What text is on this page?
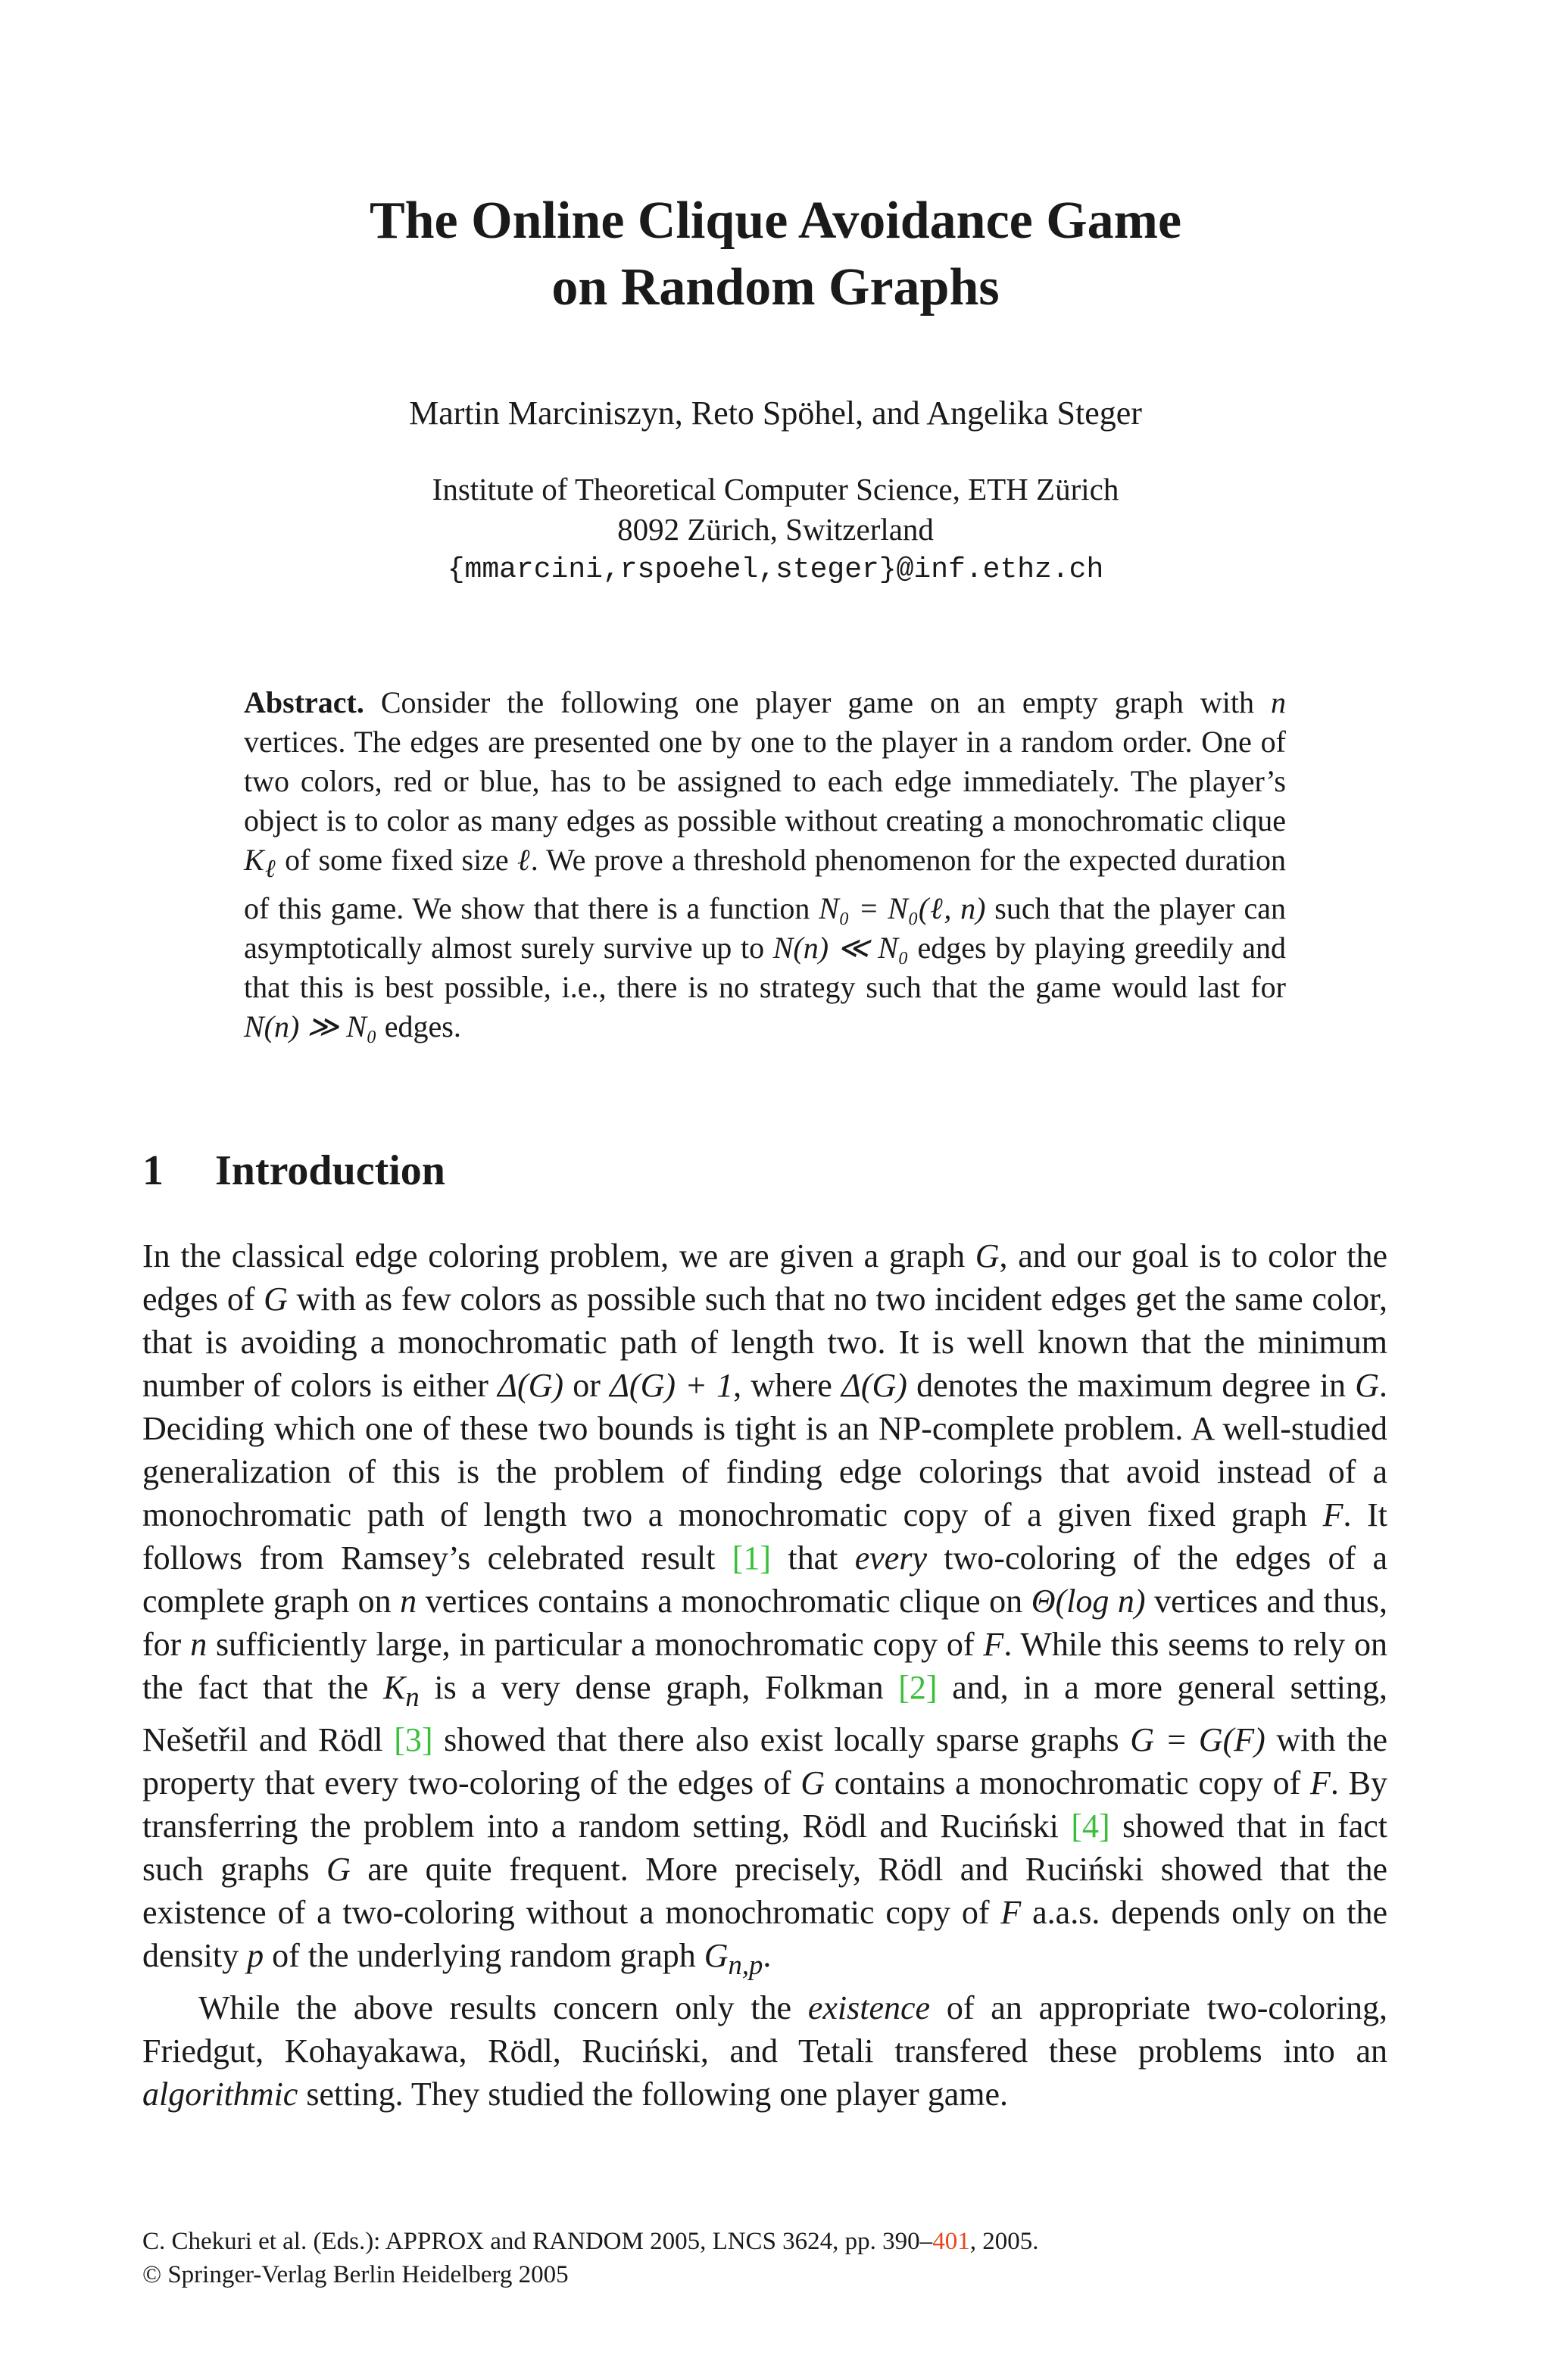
The Online Clique Avoidance Game
on Random Graphs
Martin Marciniszyn, Reto Spöhel, and Angelika Steger
Institute of Theoretical Computer Science, ETH Zürich
8092 Zürich, Switzerland
{mmarcini,rspoehel,steger}@inf.ethz.ch
Abstract. Consider the following one player game on an empty graph with n vertices. The edges are presented one by one to the player in a random order. One of two colors, red or blue, has to be assigned to each edge immediately. The player’s object is to color as many edges as possible without creating a monochromatic clique $K_\ell$ of some fixed size ℓ. We prove a threshold phenomenon for the expected duration of this game. We show that there is a function N₀ = N₀(ℓ, n) such that the player can asymptotically almost surely survive up to N(n) ≪ N₀ edges by playing greedily and that this is best possible, i.e., there is no strategy such that the game would last for N(n) ≫ N₀ edges.
1 Introduction

In the classical edge coloring problem, we are given a graph G, and our goal is to color the edges of G with as few colors as possible such that no two incident edges get the same color, that is avoiding a monochromatic path of length two. It is well known that the minimum number of colors is either Δ(G) or Δ(G) + 1, where Δ(G) denotes the maximum degree in G. Deciding which one of these two bounds is tight is an NP-complete problem. A well-studied generalization of this is the problem of finding edge colorings that avoid instead of a monochromatic path of length two a monochromatic copy of a given fixed graph F. It follows from Ramsey’s celebrated result [1] that every two-coloring of the edges of a complete graph on n vertices contains a monochromatic clique on Θ(log n) vertices and thus, for n sufficiently large, in particular a monochromatic copy of F. While this seems to rely on the fact that the $K_n$ is a very dense graph, Folkman [2] and, in a more general setting, Nešetřil and Rödl [3] showed that there also exist locally sparse graphs G = G(F) with the property that every two-coloring of the edges of G contains a monochromatic copy of F. By transferring the problem into a random setting, Rödl and Ruciński [4] showed that in fact such graphs G are quite frequent. More precisely, Rödl and Ruciński showed that the existence of a two-coloring without a monochromatic copy of F a.a.s. depends only on the density p of the underlying random graph $G_{n,p}$.

While the above results concern only the existence of an appropriate two-coloring, Friedgut, Kohayakawa, Rödl, Ruciński, and Tetali transfered these problems into an algorithmic setting. They studied the following one player game.

C. Chekuri et al. (Eds.): APPROX and RANDOM 2005, LNCS 3624, pp. 390–401, 2005.
© Springer-Verlag Berlin Heidelberg 2005
